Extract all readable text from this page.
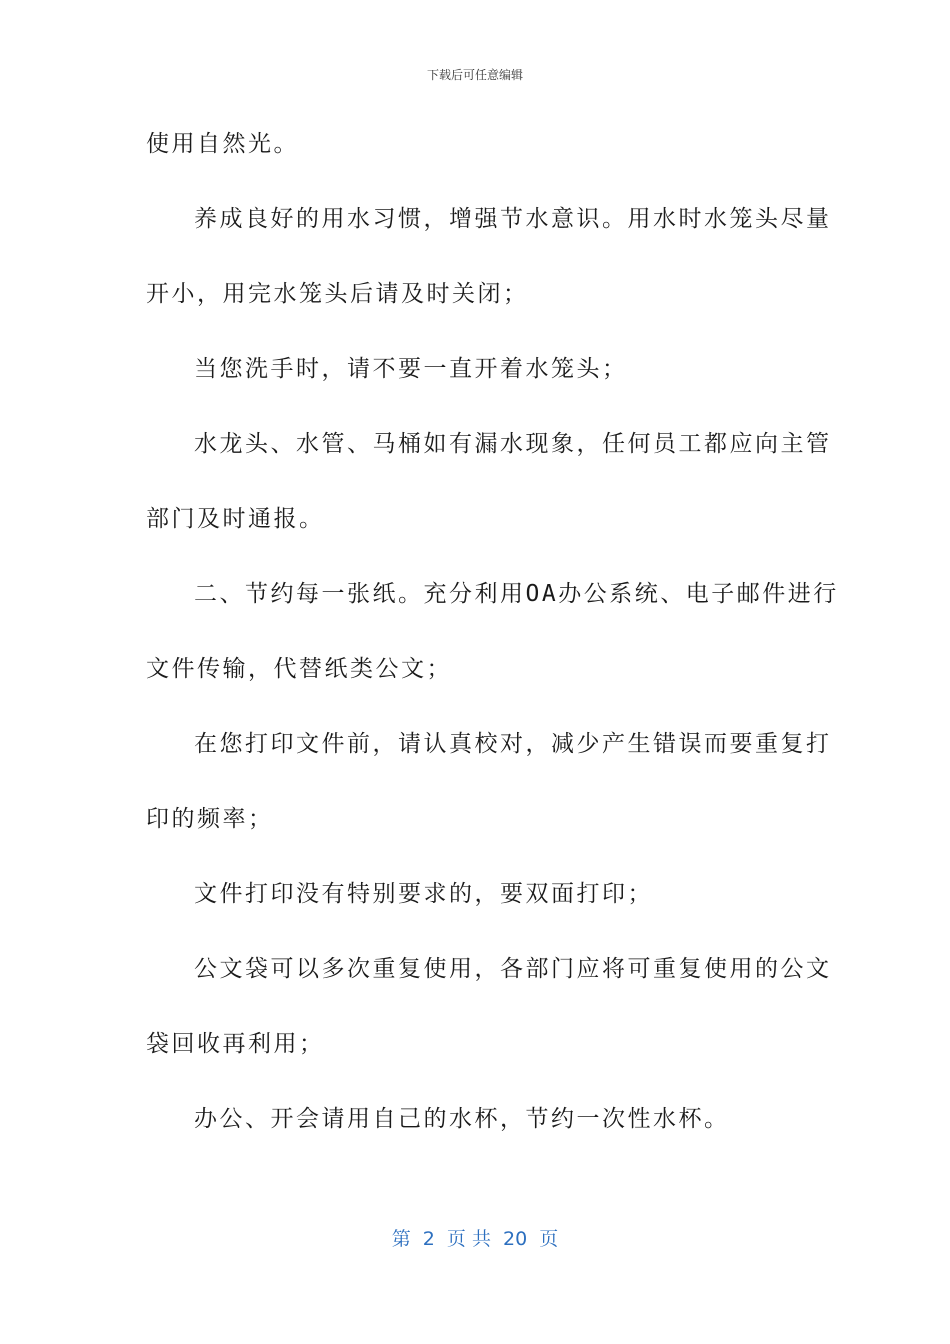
下载后可任意编辑
使用自然光。
养成良好的用水习惯，增强节水意识。用水时水笼头尽量
开小，用完水笼头后请及时关闭；
当您洗手时，请不要一直开着水笼头；
水龙头、水管、马桶如有漏水现象，任何员工都应向主管
部门及时通报。
二、节约每一张纸。充分利用OA办公系统、电子邮件进行
文件传输，代替纸类公文；
在您打印文件前，请认真校对，减少产生错误而要重复打
印的频率；
文件打印没有特别要求的，要双面打印；
公文袋可以多次重复使用，各部门应将可重复使用的公文
袋回收再利用；
办公、开会请用自己的水杯，节约一次性水杯。
第  2  页 共  20  页
